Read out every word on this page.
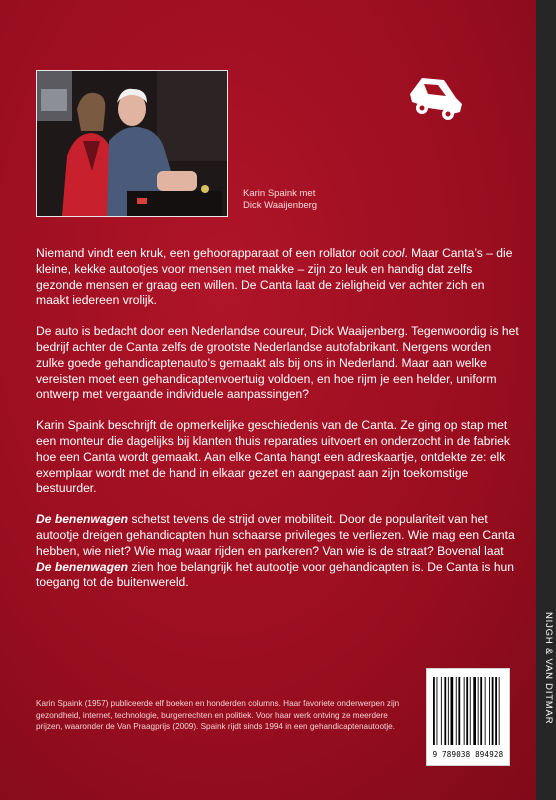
Karin Spaink met
Dick Waaijenberg

Niemand vindt een kruk, een gehoorapparaat of een rollator ooit cool. Maar Canta’s – die kleine, kekke autootjes voor mensen met makke – zijn zo leuk en handig dat zelfs gezonde mensen er graag een willen. De Canta laat de zieligheid ver achter zich en maakt iedereen vrolijk.

De auto is bedacht door een Nederlandse coureur, Dick Waaijenberg. Tegenwoordig is het bedrijf achter de Canta zelfs de grootste Nederlandse autofabrikant. Nergens worden zulke goede gehandicaptenauto’s gemaakt als bij ons in Nederland. Maar aan welke vereisten moet een gehandicaptenvoertuig voldoen, en hoe rijm je een helder, uniform ontwerp met vergaande individuele aanpassingen?

Karin Spaink beschrijft de opmerkelijke geschiedenis van de Canta. Ze ging op stap met een monteur die dagelijks bij klanten thuis reparaties uitvoert en onderzocht in de fabriek hoe een Canta wordt gemaakt. Aan elke Canta hangt een adreskaartje, ontdekte ze: elk exemplaar wordt met de hand in elkaar gezet en aangepast aan zijn toekomstige bestuurder.

De benenwagen schetst tevens de strijd over mobiliteit. Door de populariteit van het autootje dreigen gehandicapten hun schaarse privileges te verliezen. Wie mag een Canta hebben, wie niet? Wie mag waar rijden en parkeren? Van wie is de straat? Bovenal laat De benenwagen zien hoe belangrijk het autootje voor gehandicapten is. De Canta is hun toegang tot de buitenwereld.

Karin Spaink (1957) publiceerde elf boeken en honderden columns. Haar favoriete onderwerpen zijn gezondheid, internet, technologie, burgerrechten en politiek. Voor haar werk ontving ze meerdere prijzen, waaronder de Van Praagprijs (2009). Spaink rijdt sinds 1994 in een gehandicaptenautootje.
9 789038 894928
NIJGH & VAN DITMAR
